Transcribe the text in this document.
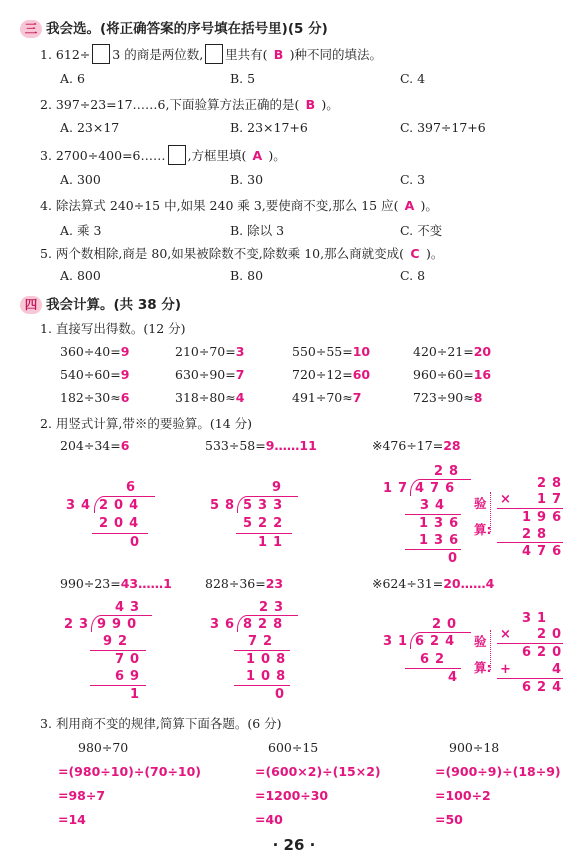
三 我会选。(将正确答案的序号填在括号里)(5 分)
1. 612÷ 3 的商是两位数, 里共有( B )种不同的填法。
A. 6	B. 5	C. 4
2. 397÷23=17……6,下面验算方法正确的是( B )。
A. 23×17	B. 23×17+6	C. 397÷17+6
3. 2700÷400=6…… ,方框里填( A )。
A. 300	B. 30	C. 3
4. 除法算式 240÷15 中,如果 240 乘 3,要使商不变,那么 15 应( A )。
A. 乘 3	B. 除以 3	C. 不变
5. 两个数相除,商是 80,如果被除数不变,除数乘 10,那么商就变成( C )。
A. 800	B. 80	C. 8
四 我会计算。(共 38 分)
1. 直接写出得数。(12 分)
360÷40=9	210÷70=3	550÷55=10	420÷21=20
540÷60=9	630÷90=7	720÷12=60	960÷60=16
182÷30≈6	318÷80≈4	491÷70≈7	723÷90≈8
2. 用竖式计算,带※的要验算。(14 分)
204÷34=6	533÷58=9……11	※476÷17=28
6
34 204
204
0
9
58 533
522
11
28
17 476
34
136
136
0
验
算:
28
× 17
196
28
476
990÷23=43……1	828÷36=23	※624÷31=20……4
43
23 990
92
70
69
1
23
36 828
72
108
108
0
20
31 624
62
4
验
算:
31
× 20
620
+	4
624
3. 利用商不变的规律,简算下面各题。(6 分)
980÷70
=(980÷10)÷(70÷10)
=98÷7
=14
600÷15
=(600×2)÷(15×2)
=1200÷30
=40
900÷18
=(900÷9)÷(18÷9)
=100÷2
=50
· 26 ·
